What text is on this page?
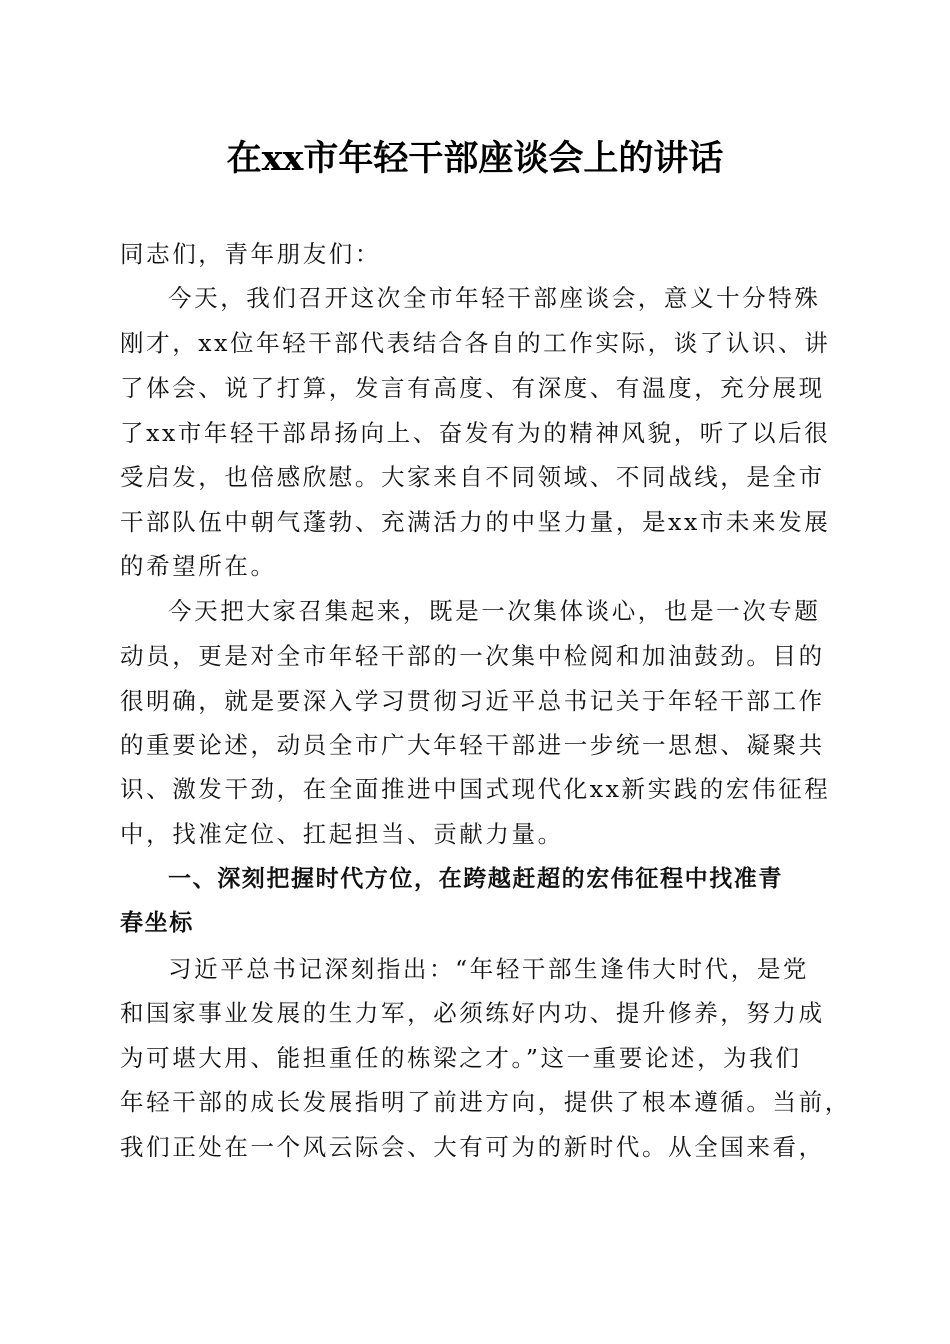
在xx市年轻干部座谈会上的讲话

同志们，青年朋友们：

今天，我们召开这次全市年轻干部座谈会，意义十分特殊

刚才，xx位年轻干部代表结合各自的工作实际，谈了认识、讲

了体会、说了打算，发言有高度、有深度、有温度，充分展现

了xx市年轻干部昂扬向上、奋发有为的精神风貌，听了以后很

受启发，也倍感欣慰。大家来自不同领域、不同战线，是全市

干部队伍中朝气蓬勃、充满活力的中坚力量，是xx市未来发展

的希望所在。

今天把大家召集起来，既是一次集体谈心，也是一次专题

动员，更是对全市年轻干部的一次集中检阅和加油鼓劲。目的

很明确，就是要深入学习贯彻习近平总书记关于年轻干部工作

的重要论述，动员全市广大年轻干部进一步统一思想、凝聚共

识、激发干劲，在全面推进中国式现代化xx新实践的宏伟征程

中，找准定位、扛起担当、贡献力量。

一、深刻把握时代方位，在跨越赶超的宏伟征程中找准青

春坐标

习近平总书记深刻指出：“年轻干部生逢伟大时代，是党

和国家事业发展的生力军，必须练好内功、提升修养，努力成

为可堪大用、能担重任的栋梁之才。”这一重要论述，为我们

年轻干部的成长发展指明了前进方向，提供了根本遵循。当前，

我们正处在一个风云际会、大有可为的新时代。从全国来看，
